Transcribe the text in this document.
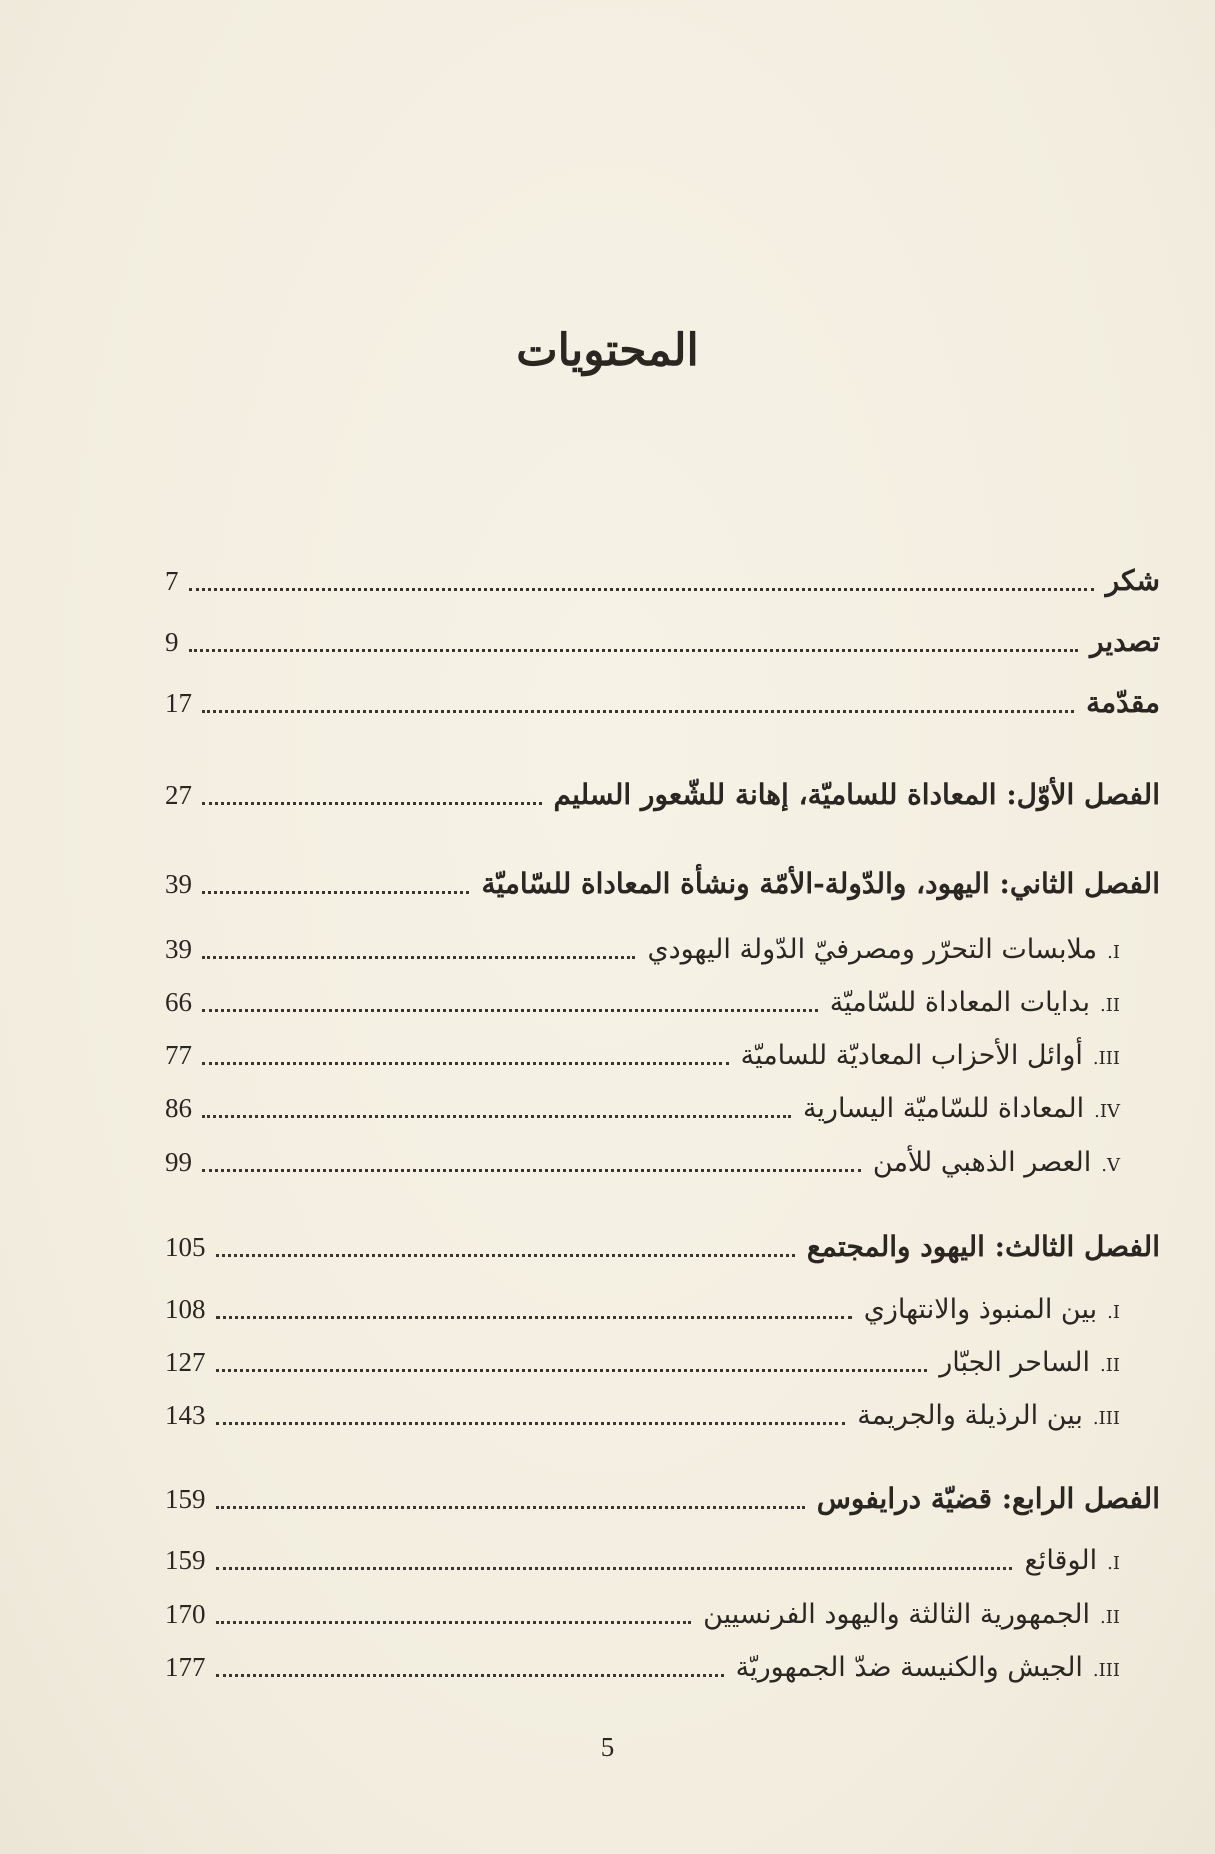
المحتويات
شكر
7
تصدير
9
مقدّمة
17
الفصل الأوّل: المعاداة للساميّة، إهانة للشّعور السليم
27
الفصل الثاني: اليهود، والدّولة-الأمّة ونشأة المعاداة للسّاميّة
39
I.
ملابسات التحرّر ومصرفيّ الدّولة اليهودي
39
II.
بدايات المعاداة للسّاميّة
66
III.
أوائل الأحزاب المعاديّة للساميّة
77
IV.
المعاداة للسّاميّة اليسارية
86
V.
العصر الذهبي للأمن
99
الفصل الثالث: اليهود والمجتمع
105
I.
بين المنبوذ والانتهازي
108
II.
الساحر الجبّار
127
III.
بين الرذيلة والجريمة
143
الفصل الرابع: قضيّة درايفوس
159
I.
الوقائع
159
II.
الجمهورية الثالثة واليهود الفرنسيين
170
III.
الجيش والكنيسة ضدّ الجمهوريّة
177
5
